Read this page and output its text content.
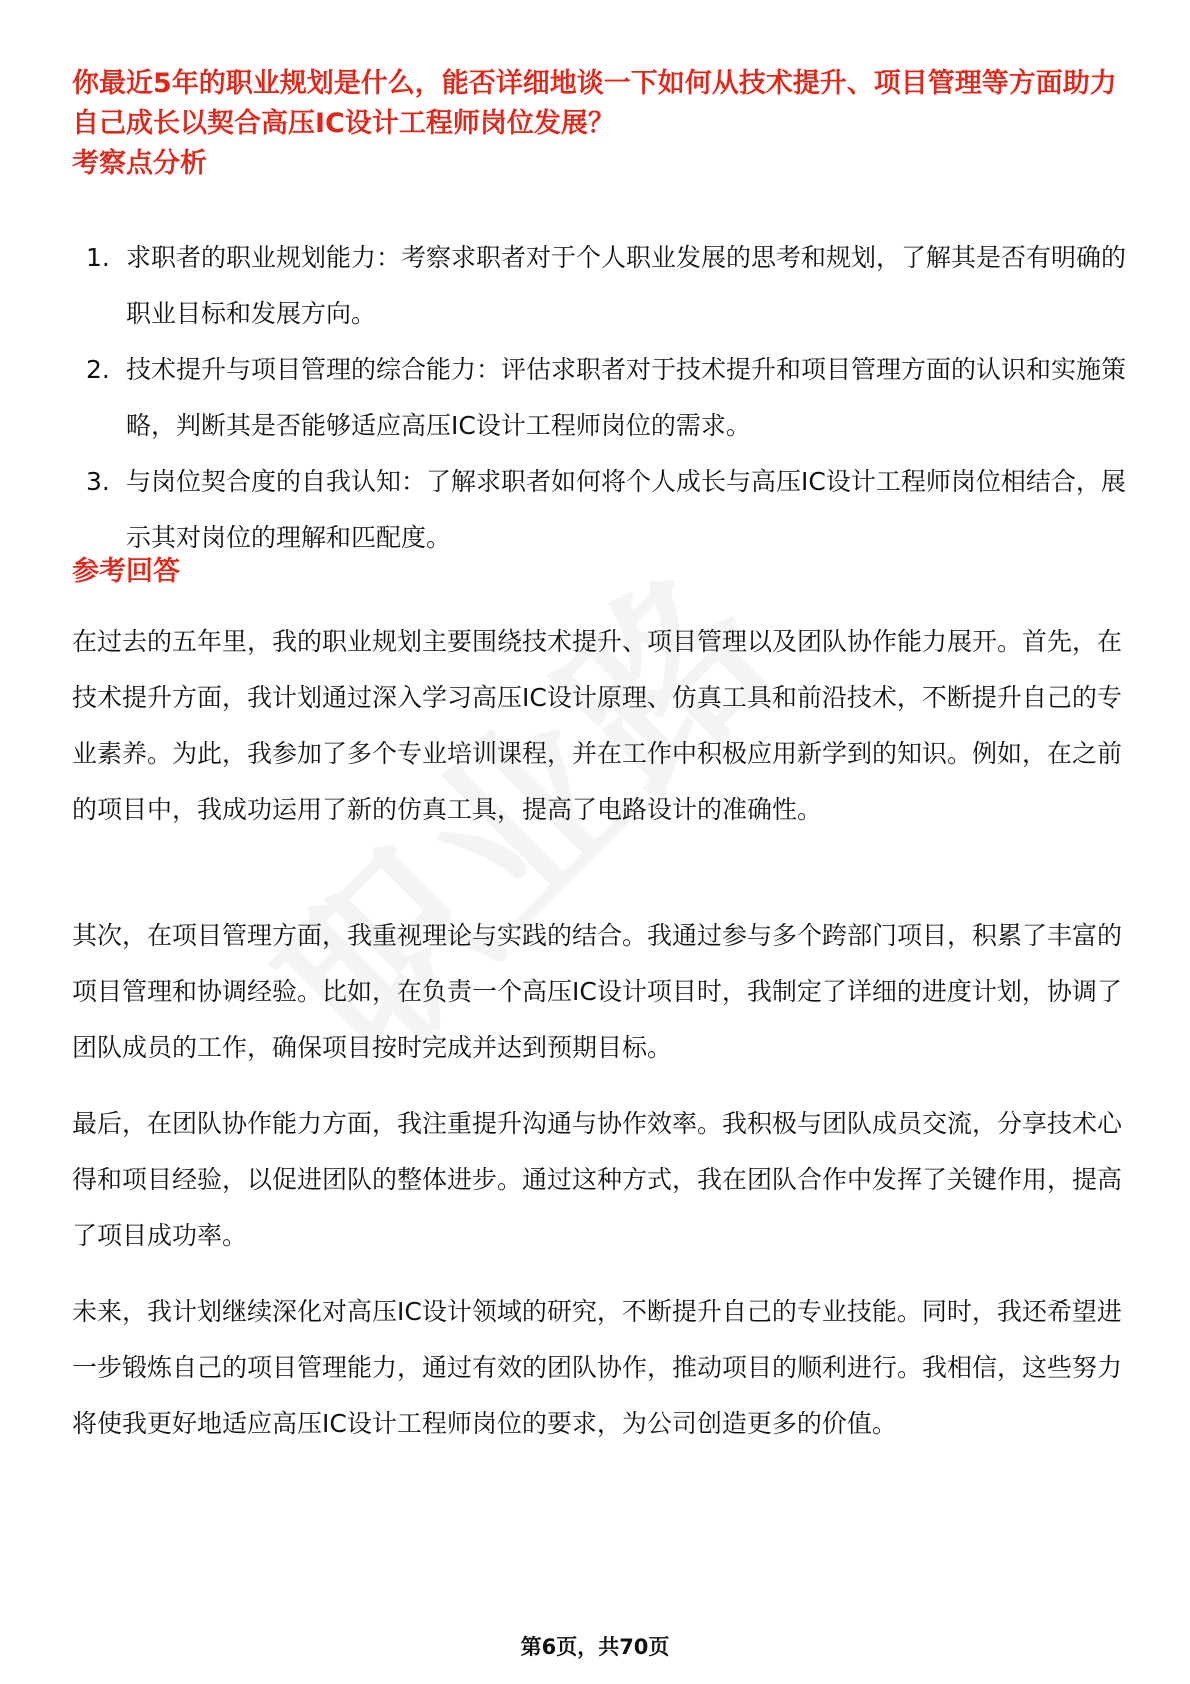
你最近5年的职业规划是什么，能否详细地谈一下如何从技术提升、项目管理等方面助力自己成长以契合高压IC设计工程师岗位发展？
考察点分析
1. 求职者的职业规划能力：考察求职者对于个人职业发展的思考和规划，了解其是否有明确的职业目标和发展方向。
2. 技术提升与项目管理的综合能力：评估求职者对于技术提升和项目管理方面的认识和实施策略，判断其是否能够适应高压IC设计工程师岗位的需求。
3. 与岗位契合度的自我认知：了解求职者如何将个人成长与高压IC设计工程师岗位相结合，展示其对岗位的理解和匹配度。
参考回答

在过去的五年里，我的职业规划主要围绕技术提升、项目管理以及团队协作能力展开。首先，在技术提升方面，我计划通过深入学习高压IC设计原理、仿真工具和前沿技术，不断提升自己的专业素养。为此，我参加了多个专业培训课程，并在工作中积极应用新学到的知识。例如，在之前的项目中，我成功运用了新的仿真工具，提高了电路设计的准确性。

其次，在项目管理方面，我重视理论与实践的结合。我通过参与多个跨部门项目，积累了丰富的项目管理和协调经验。比如，在负责一个高压IC设计项目时，我制定了详细的进度计划，协调了团队成员的工作，确保项目按时完成并达到预期目标。

最后，在团队协作能力方面，我注重提升沟通与协作效率。我积极与团队成员交流，分享技术心得和项目经验，以促进团队的整体进步。通过这种方式，我在团队合作中发挥了关键作用，提高了项目成功率。

未来，我计划继续深化对高压IC设计领域的研究，不断提升自己的专业技能。同时，我还希望进一步锻炼自己的项目管理能力，通过有效的团队协作，推动项目的顺利进行。我相信，这些努力将使我更好地适应高压IC设计工程师岗位的要求，为公司创造更多的价值。

第6页，共70页
